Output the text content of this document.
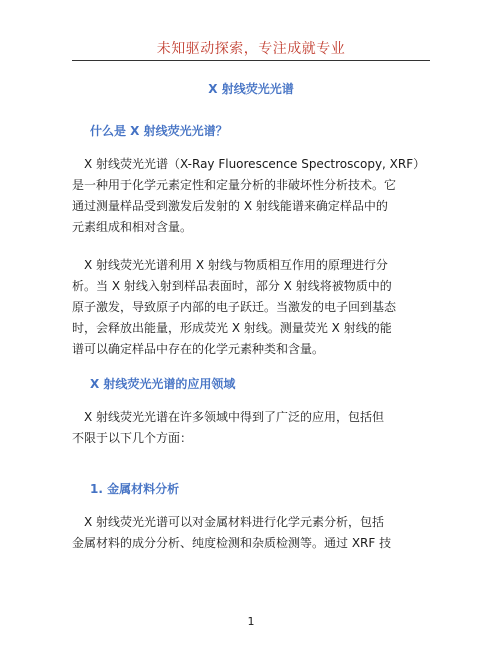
未知驱动探索，专注成就专业
X 射线荧光光谱
什么是 X 射线荧光光谱？
　X 射线荧光光谱（X-Ray Fluorescence Spectroscopy, XRF）
是一种用于化学元素定性和定量分析的非破坏性分析技术。它
通过测量样品受到激发后发射的 X 射线能谱来确定样品中的
元素组成和相对含量。
　X 射线荧光光谱利用 X 射线与物质相互作用的原理进行分
析。当 X 射线入射到样品表面时，部分 X 射线将被物质中的
原子激发，导致原子内部的电子跃迁。当激发的电子回到基态
时，会释放出能量，形成荧光 X 射线。测量荧光 X 射线的能
谱可以确定样品中存在的化学元素种类和含量。
X 射线荧光光谱的应用领域
　X 射线荧光光谱在许多领域中得到了广泛的应用，包括但
不限于以下几个方面：
1. 金属材料分析
　X 射线荧光光谱可以对金属材料进行化学元素分析，包括
金属材料的成分分析、纯度检测和杂质检测等。通过 XRF 技
1
